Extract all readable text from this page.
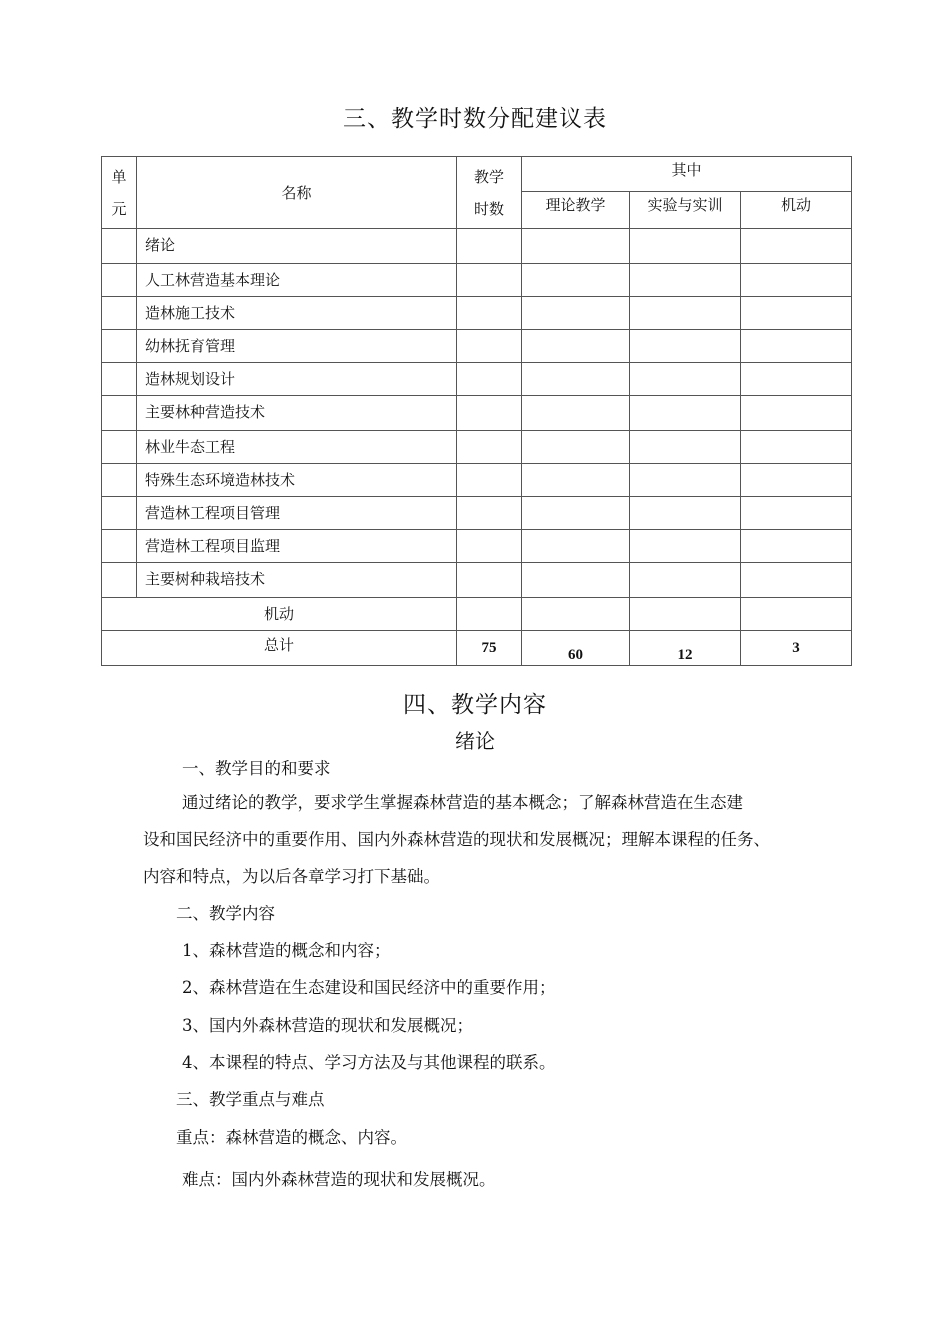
三、教学时数分配建议表
单元	名称	教学时数	其中		
			理论教学	实验与实训	机动
	绪论				
	人工林营造基本理论				
	造林施工技术				
	幼林抚育管理				
	造林规划设计				
	主要林种营造技术				
	林业牛态工程				
	特殊生态环境造林技术				
	营造林工程项目管理				
	营造林工程项目监理				
	主要树种栽培技术				
机动					
总计		75	60	12	3
四、教学内容
绪论
一、教学目的和要求
通过绪论的教学，要求学生掌握森林营造的基本概念；了解森林营造在生态建
设和国民经济中的重要作用、国内外森林营造的现状和发展概况；理解本课程的任务、
内容和特点，为以后各章学习打下基础。
二、教学内容
1、森林营造的概念和内容；
2、森林营造在生态建设和国民经济中的重要作用；
3、国内外森林营造的现状和发展概况；
4、本课程的特点、学习方法及与其他课程的联系。
三、教学重点与难点
重点：森林营造的概念、内容。
难点：国内外森林营造的现状和发展概况。
